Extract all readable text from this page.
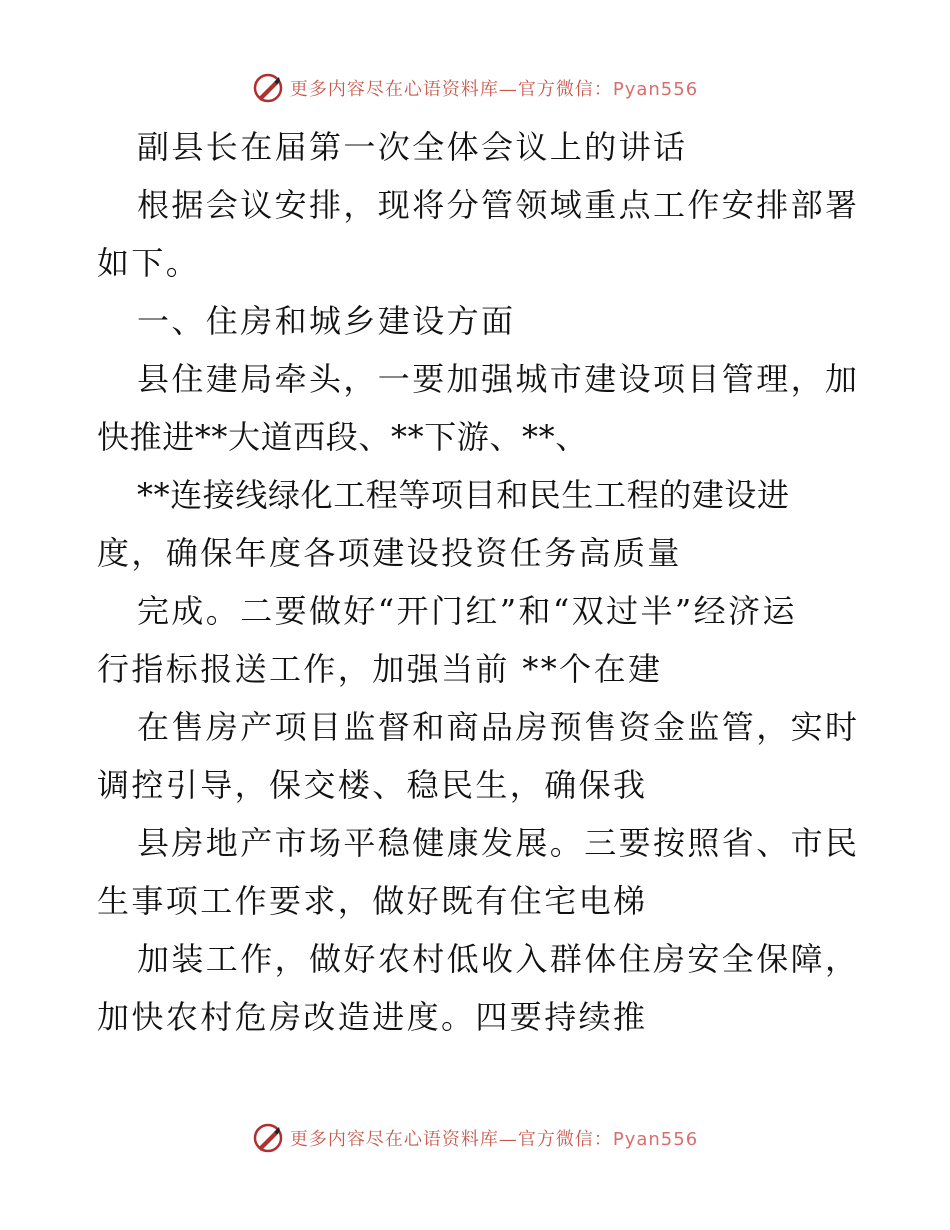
更多内容尽在心语资料库—官方微信：Pyan556
副县长在届第一次全体会议上的讲话
根据会议安排，现将分管领域重点工作安排部署
如下。
一、住房和城乡建设方面
县住建局牵头，一要加强城市建设项目管理，加
快推进**大道西段、**下游、**、
**连接线绿化工程等项目和民生工程的建设进
度，确保年度各项建设投资任务高质量
完成。二要做好“开门红”和“双过半”经济运
行指标报送工作，加强当前 **个在建
在售房产项目监督和商品房预售资金监管，实时
调控引导，保交楼、稳民生，确保我
县房地产市场平稳健康发展。三要按照省、市民
生事项工作要求，做好既有住宅电梯
加装工作，做好农村低收入群体住房安全保障，
加快农村危房改造进度。四要持续推
更多内容尽在心语资料库—官方微信：Pyan556
